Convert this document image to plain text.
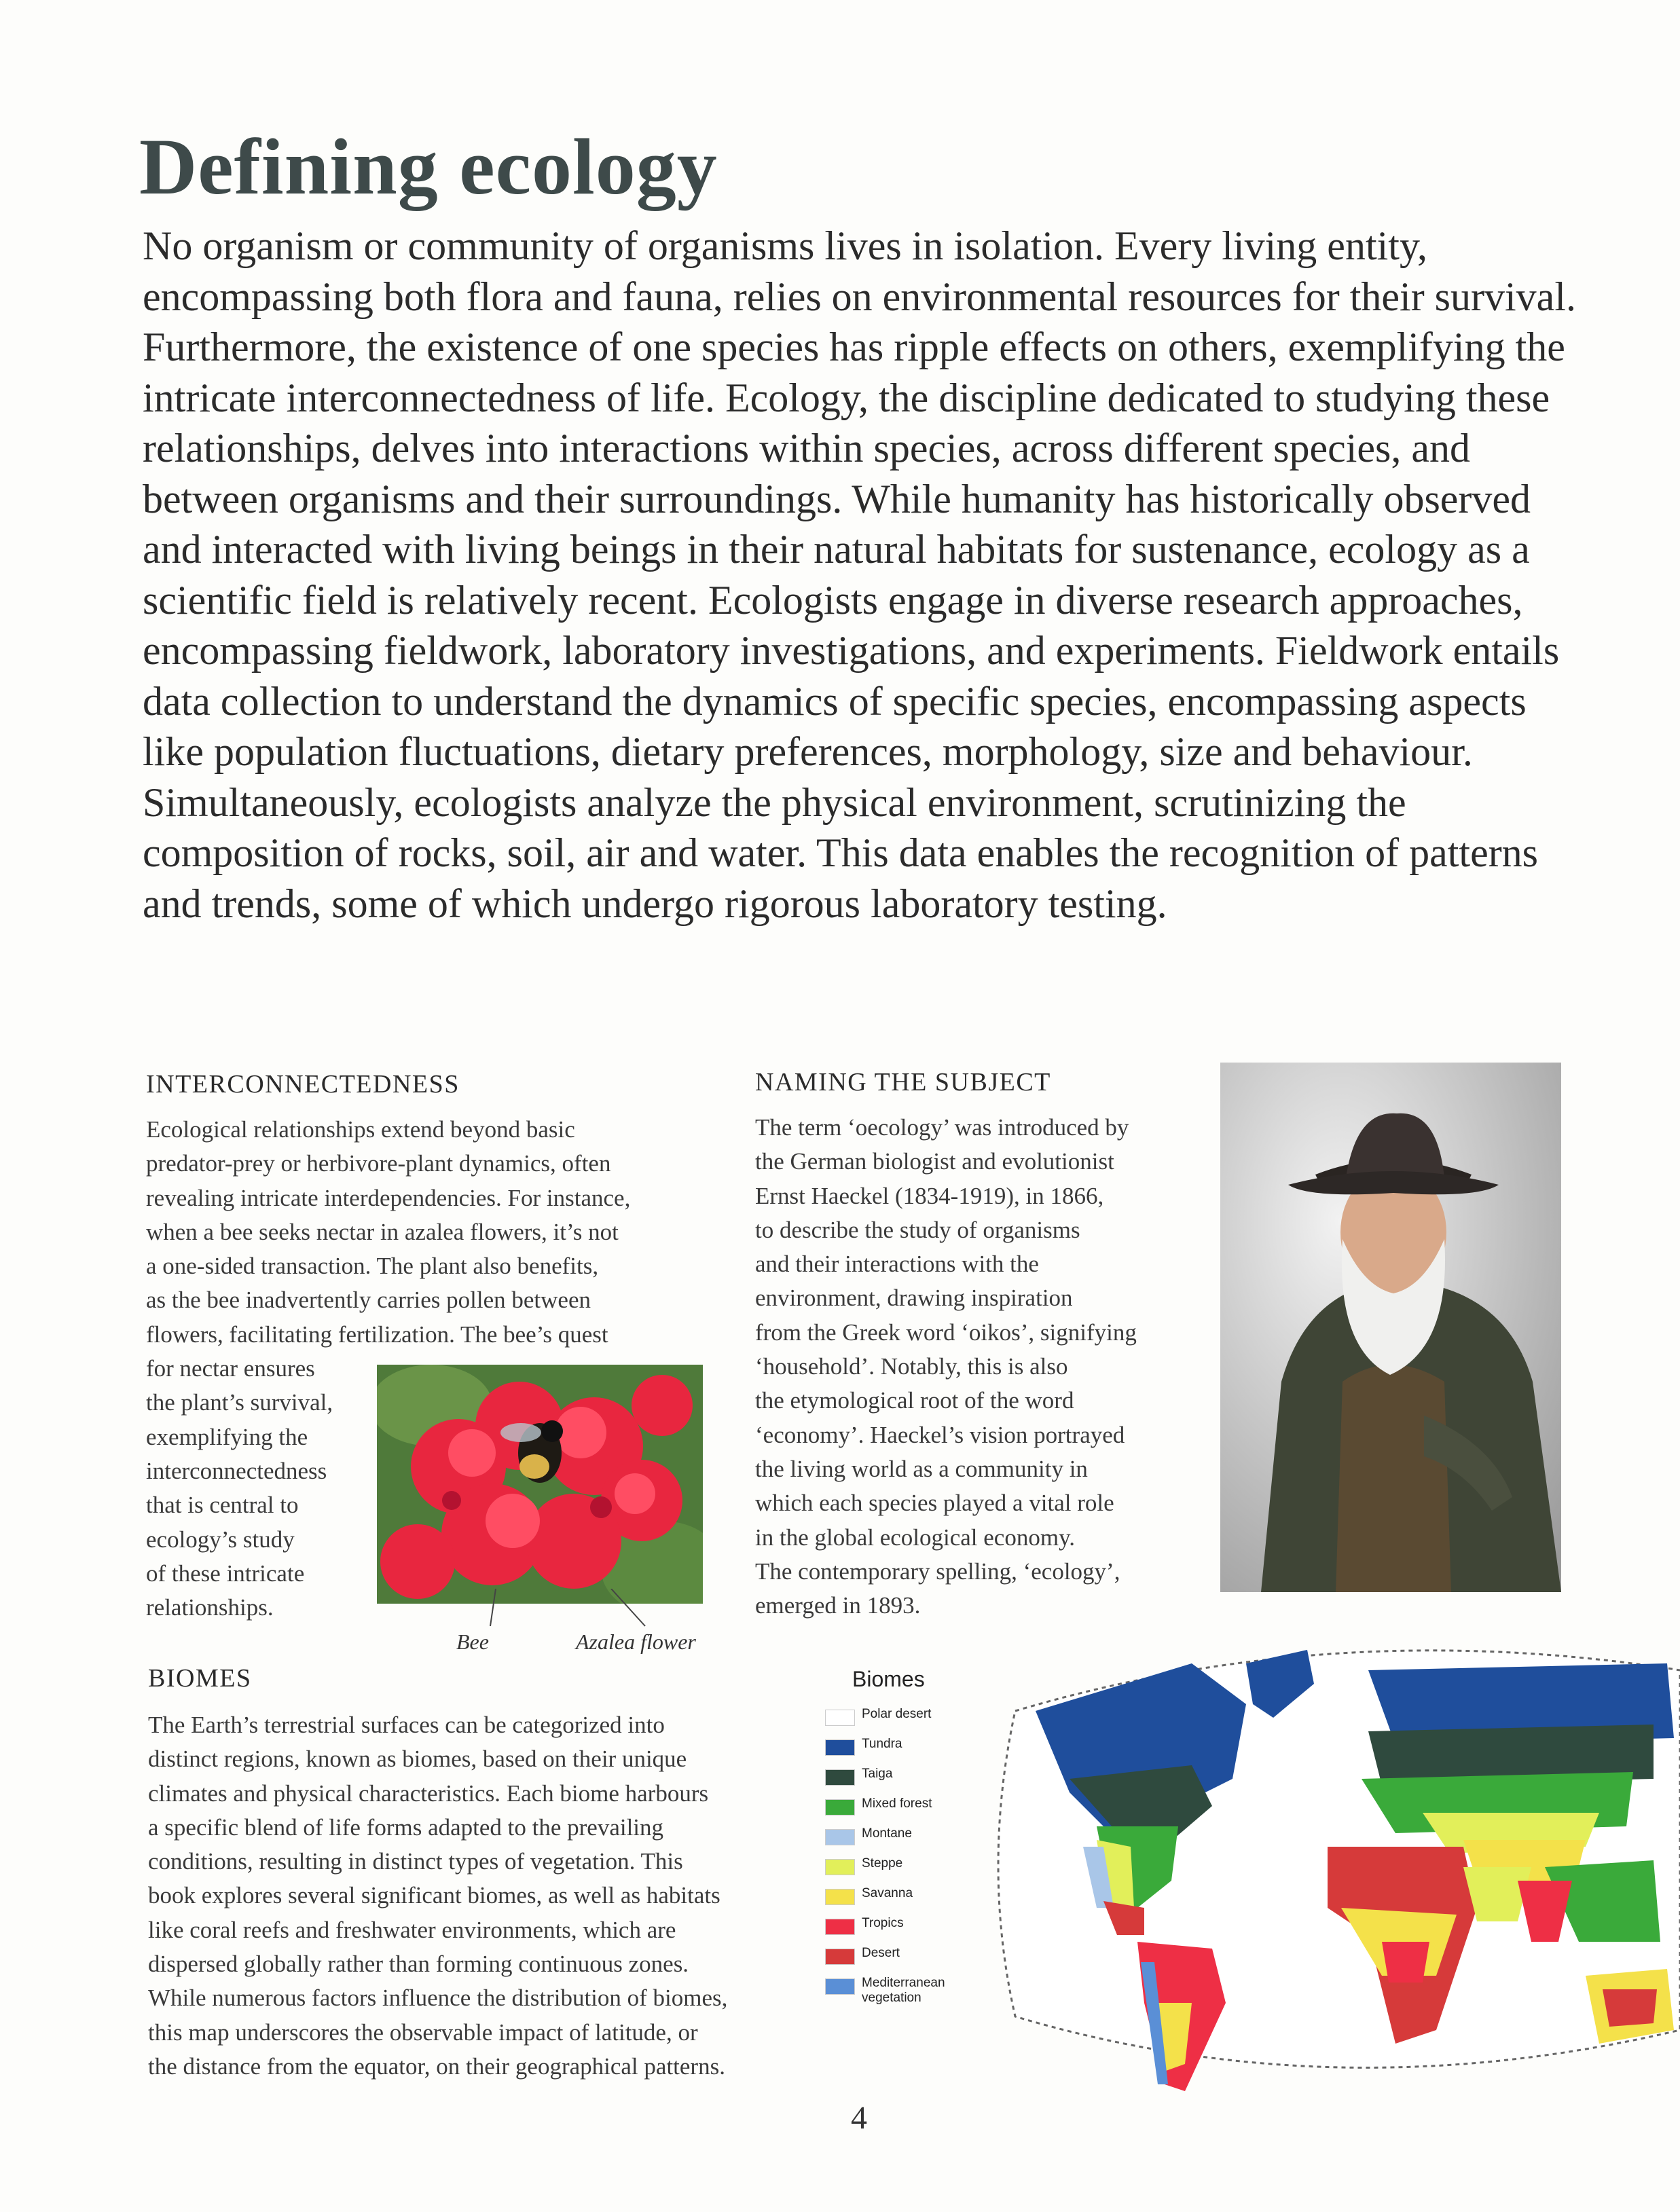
Defining ecology

No organism or community of organisms lives in isolation. Every living entity, encompassing both flora and fauna, relies on environmental resources for their survival. Furthermore, the existence of one species has ripple effects on others, exemplifying the intricate interconnectedness of life. Ecology, the discipline dedicated to studying these relationships, delves into interactions within species, across different species, and between organisms and their surroundings. While humanity has historically observed and interacted with living beings in their natural habitats for sustenance, ecology as a scientific field is relatively recent. Ecologists engage in diverse research approaches, encompassing fieldwork, laboratory investigations, and experiments. Fieldwork entails data collection to understand the dynamics of specific species, encompassing aspects like population fluctuations, dietary preferences, morphology, size and behaviour. Simultaneously, ecologists analyze the physical environment, scrutinizing the composition of rocks, soil, air and water. This data enables the recognition of patterns and trends, some of which undergo rigorous laboratory testing.

INTERCONNECTEDNESS
Ecological relationships extend beyond basic
predator-prey or herbivore-plant dynamics, often
revealing intricate interdependencies. For instance,
when a bee seeks nectar in azalea flowers, it’s not
a one-sided transaction. The plant also benefits,
as the bee inadvertently carries pollen between
flowers, facilitating fertilization. The bee’s quest
for nectar ensures
the plant’s survival,
exemplifying the
interconnectedness
that is central to
ecology’s study
of these intricate
relationships.
Bee	Azalea flower
NAMING THE SUBJECT
The term ‘oecology’ was introduced by
the German biologist and evolutionist
Ernst Haeckel (1834-1919), in 1866,
to describe the study of organisms
and their interactions with the
environment, drawing inspiration
from the Greek word ‘oikos’, signifying
‘household’. Notably, this is also
the etymological root of the word
‘economy’. Haeckel’s vision portrayed
the living world as a community in
which each species played a vital role
in the global ecological economy.
The contemporary spelling, ‘ecology’,
emerged in 1893.
BIOMES
The Earth’s terrestrial surfaces can be categorized into
distinct regions, known as biomes, based on their unique
climates and physical characteristics. Each biome harbours
a specific blend of life forms adapted to the prevailing
conditions, resulting in distinct types of vegetation. This
book explores several significant biomes, as well as habitats
like coral reefs and freshwater environments, which are
dispersed globally rather than forming continuous zones.
While numerous factors influence the distribution of biomes,
this map underscores the observable impact of latitude, or
the distance from the equator, on their geographical patterns.
Biomes
Polar desert
Tundra
Taiga
Mixed forest
Montane
Steppe
Savanna
Tropics
Desert
Mediterranean vegetation
4
